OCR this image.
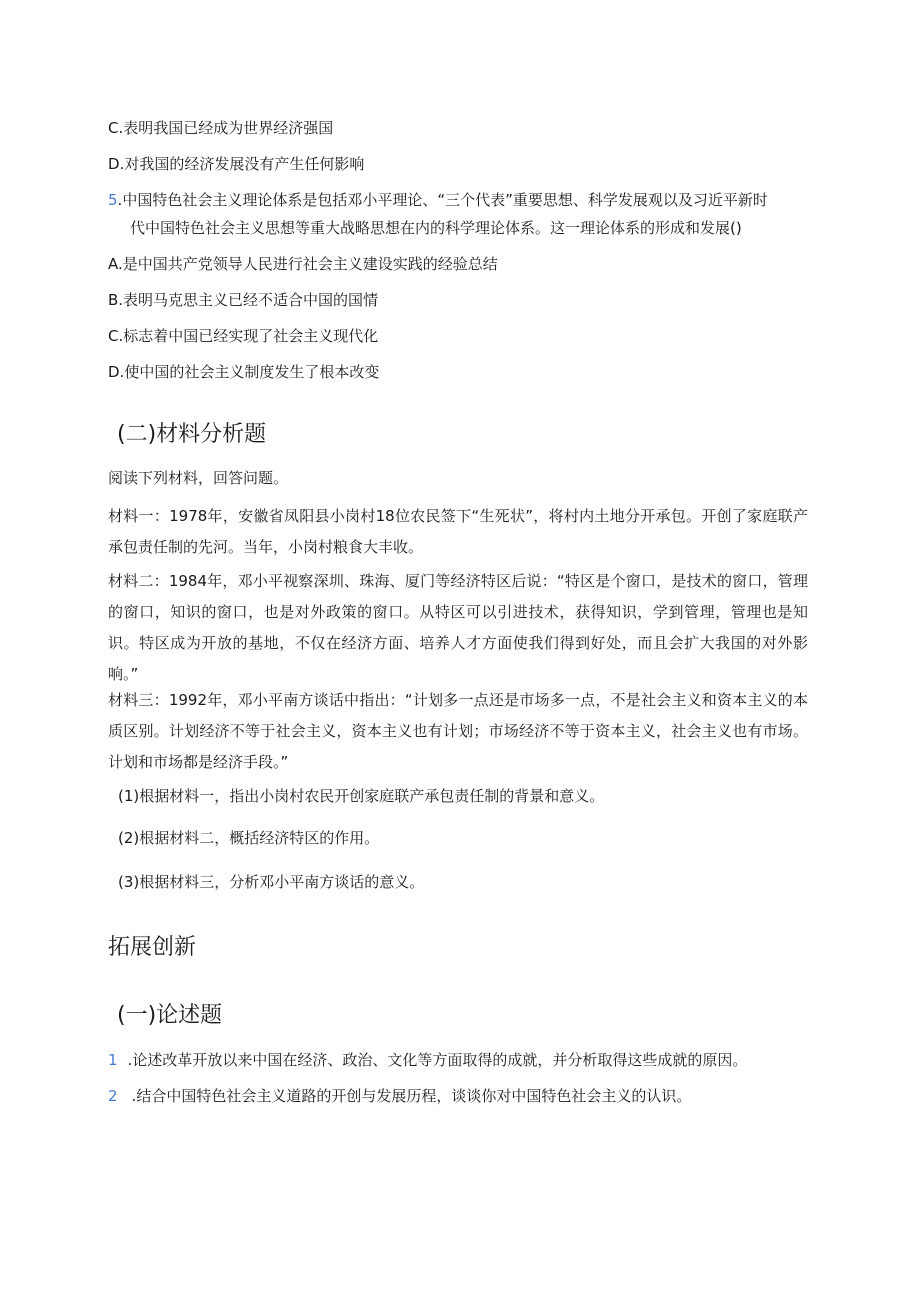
C.表明我国已经成为世界经济强国
D.对我国的经济发展没有产生任何影响
5.中国特色社会主义理论体系是包括邓小平理论、“三个代表”重要思想、科学发展观以及习近平新时
代中国特色社会主义思想等重大战略思想在内的科学理论体系。这一理论体系的形成和发展()
A.是中国共产党领导人民进行社会主义建设实践的经验总结
B.表明马克思主义已经不适合中国的国情
C.标志着中国已经实现了社会主义现代化
D.使中国的社会主义制度发生了根本改变
(二)材料分析题
阅读下列材料，回答问题。
材料一：1978年，安徽省凤阳县小岗村18位农民签下“生死状”，将村内土地分开承包。开创了家庭联产承包责任制的先河。当年，小岗村粮食大丰收。
材料二：1984年，邓小平视察深圳、珠海、厦门等经济特区后说：“特区是个窗口，是技术的窗口，管理的窗口，知识的窗口，也是对外政策的窗口。从特区可以引进技术，获得知识，学到管理，管理也是知识。特区成为开放的基地，不仅在经济方面、培养人才方面使我们得到好处，而且会扩大我国的对外影响。”
材料三：1992年，邓小平南方谈话中指出：“计划多一点还是市场多一点，不是社会主义和资本主义的本质区别。计划经济不等于社会主义，资本主义也有计划；市场经济不等于资本主义，社会主义也有市场。计划和市场都是经济手段。”
(1)根据材料一，指出小岗村农民开创家庭联产承包责任制的背景和意义。
(2)根据材料二，概括经济特区的作用。
(3)根据材料三，分析邓小平南方谈话的意义。
拓展创新
(一)论述题
1 .论述改革开放以来中国在经济、政治、文化等方面取得的成就，并分析取得这些成就的原因。
2 .结合中国特色社会主义道路的开创与发展历程，谈谈你对中国特色社会主义的认识。
